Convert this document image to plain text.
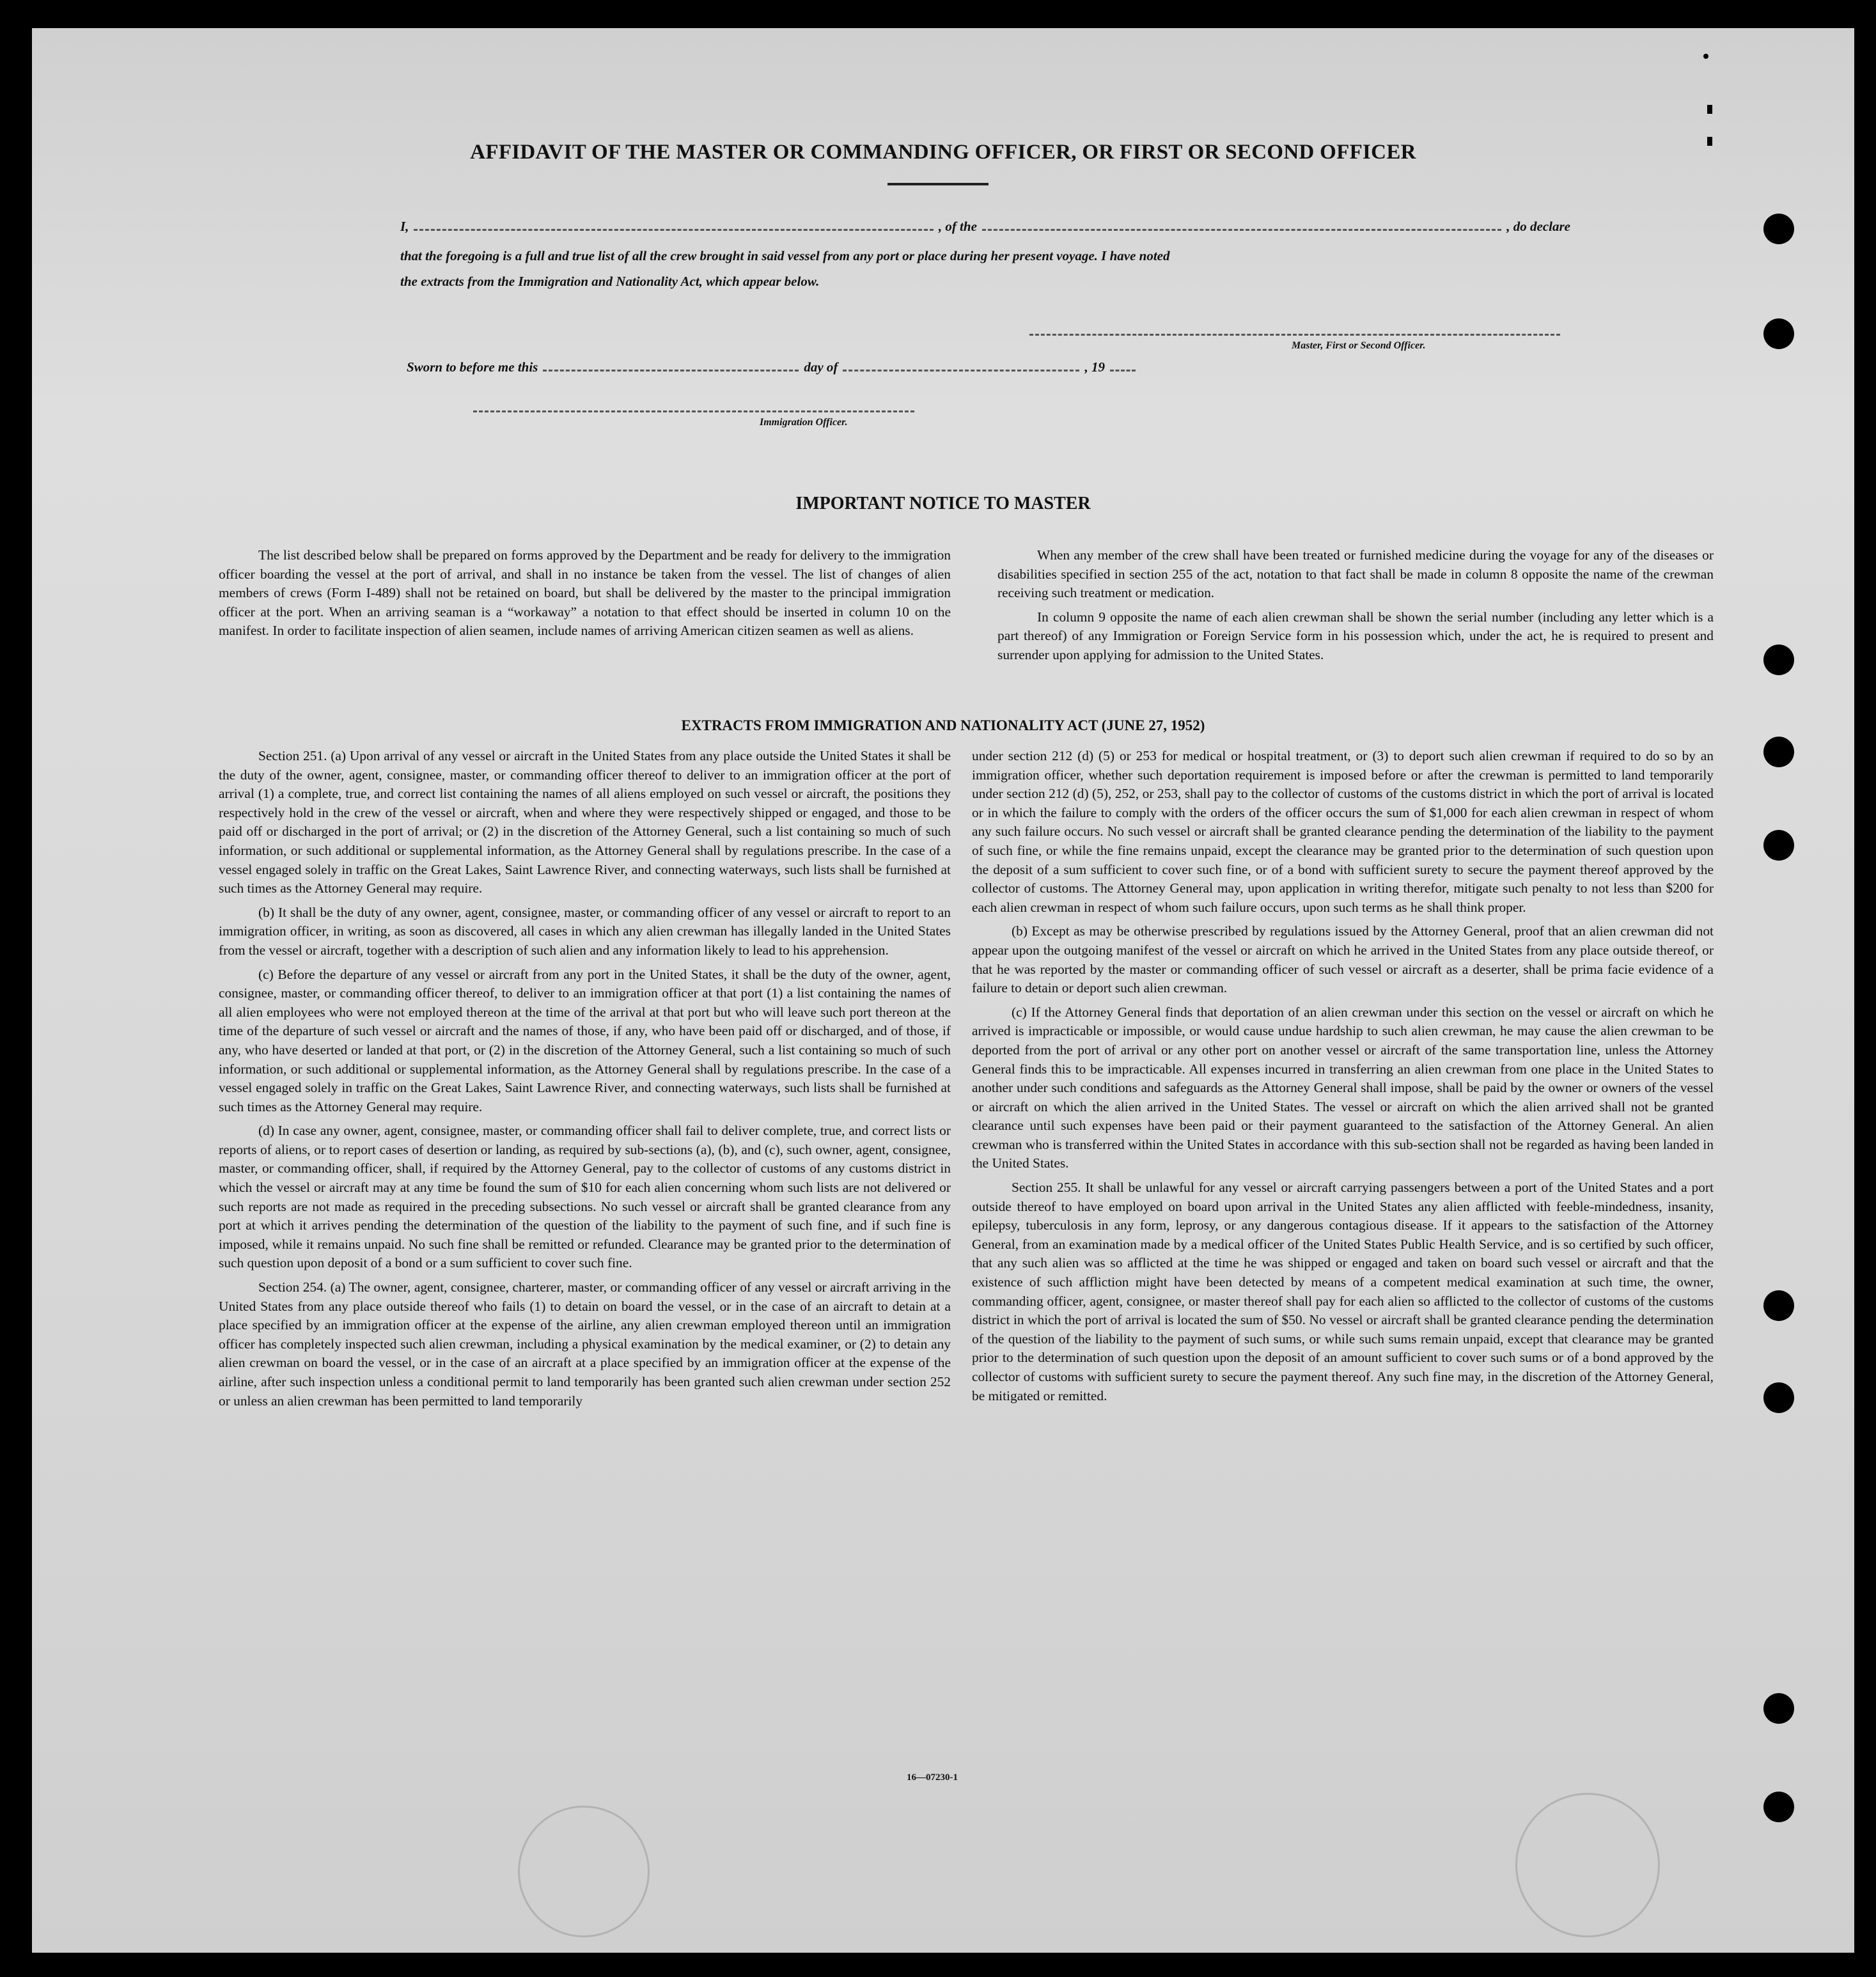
AFFIDAVIT OF THE MASTER OR COMMANDING OFFICER, OR FIRST OR SECOND OFFICER
I,	, of the	, do declare
that the foregoing is a full and true list of all the crew brought in said vessel from any port or place during her present voyage. I have noted
the extracts from the Immigration and Nationality Act, which appear below.
Master, First or Second Officer.
Sworn to before me this	day of	, 19
Immigration Officer.
IMPORTANT NOTICE TO MASTER

The list described below shall be prepared on forms approved by the Department and be ready for delivery to the immigration officer boarding the vessel at the port of arrival, and shall in no instance be taken from the vessel. The list of changes of alien members of crews (Form I-489) shall not be retained on board, but shall be delivered by the master to the principal immigration officer at the port. When an arriving seaman is a “workaway” a notation to that effect should be inserted in column 10 on the manifest. In order to facilitate inspection of alien seamen, include names of arriving American citizen seamen as well as aliens.

When any member of the crew shall have been treated or furnished medicine during the voyage for any of the diseases or disabilities specified in section 255 of the act, notation to that fact shall be made in column 8 opposite the name of the crewman receiving such treatment or medication.

In column 9 opposite the name of each alien crewman shall be shown the serial number (including any letter which is a part thereof) of any Immigration or Foreign Service form in his possession which, under the act, he is required to present and surrender upon applying for admission to the United States.

EXTRACTS FROM IMMIGRATION AND NATIONALITY ACT (JUNE 27, 1952)

Section 251. (a) Upon arrival of any vessel or aircraft in the United States from any place outside the United States it shall be the duty of the owner, agent, consignee, master, or commanding officer thereof to deliver to an immigration officer at the port of arrival (1) a complete, true, and correct list containing the names of all aliens employed on such vessel or aircraft, the positions they respectively hold in the crew of the vessel or aircraft, when and where they were respectively shipped or engaged, and those to be paid off or discharged in the port of arrival; or (2) in the discretion of the Attorney General, such a list containing so much of such information, or such additional or supplemental information, as the Attorney General shall by regulations prescribe. In the case of a vessel engaged solely in traffic on the Great Lakes, Saint Lawrence River, and connecting waterways, such lists shall be furnished at such times as the Attorney General may require.

(b) It shall be the duty of any owner, agent, consignee, master, or commanding officer of any vessel or aircraft to report to an immigration officer, in writing, as soon as discovered, all cases in which any alien crewman has illegally landed in the United States from the vessel or aircraft, together with a description of such alien and any information likely to lead to his apprehension.

(c) Before the departure of any vessel or aircraft from any port in the United States, it shall be the duty of the owner, agent, consignee, master, or commanding officer thereof, to deliver to an immigration officer at that port (1) a list containing the names of all alien employees who were not employed thereon at the time of the arrival at that port but who will leave such port thereon at the time of the departure of such vessel or aircraft and the names of those, if any, who have been paid off or discharged, and of those, if any, who have deserted or landed at that port, or (2) in the discretion of the Attorney General, such a list containing so much of such information, or such additional or supplemental information, as the Attorney General shall by regulations prescribe. In the case of a vessel engaged solely in traffic on the Great Lakes, Saint Lawrence River, and connecting waterways, such lists shall be furnished at such times as the Attorney General may require.

(d) In case any owner, agent, consignee, master, or commanding officer shall fail to deliver complete, true, and correct lists or reports of aliens, or to report cases of desertion or landing, as required by sub-sections (a), (b), and (c), such owner, agent, consignee, master, or commanding officer, shall, if required by the Attorney General, pay to the collector of customs of any customs district in which the vessel or aircraft may at any time be found the sum of $10 for each alien concerning whom such lists are not delivered or such reports are not made as required in the preceding subsections. No such vessel or aircraft shall be granted clearance from any port at which it arrives pending the determination of the question of the liability to the payment of such fine, and if such fine is imposed, while it remains unpaid. No such fine shall be remitted or refunded. Clearance may be granted prior to the determination of such question upon deposit of a bond or a sum sufficient to cover such fine.

Section 254. (a) The owner, agent, consignee, charterer, master, or commanding officer of any vessel or aircraft arriving in the United States from any place outside thereof who fails (1) to detain on board the vessel, or in the case of an aircraft to detain at a place specified by an immigration officer at the expense of the airline, any alien crewman employed thereon until an immigration officer has completely inspected such alien crewman, including a physical examination by the medical examiner, or (2) to detain any alien crewman on board the vessel, or in the case of an aircraft at a place specified by an immigration officer at the expense of the airline, after such inspection unless a conditional permit to land temporarily has been granted such alien crewman under section 252 or unless an alien crewman has been permitted to land temporarily

under section 212 (d) (5) or 253 for medical or hospital treatment, or (3) to deport such alien crewman if required to do so by an immigration officer, whether such deportation requirement is imposed before or after the crewman is permitted to land temporarily under section 212 (d) (5), 252, or 253, shall pay to the collector of customs of the customs district in which the port of arrival is located or in which the failure to comply with the orders of the officer occurs the sum of $1,000 for each alien crewman in respect of whom any such failure occurs. No such vessel or aircraft shall be granted clearance pending the determination of the liability to the payment of such fine, or while the fine remains unpaid, except the clearance may be granted prior to the determination of such question upon the deposit of a sum sufficient to cover such fine, or of a bond with sufficient surety to secure the payment thereof approved by the collector of customs. The Attorney General may, upon application in writing therefor, mitigate such penalty to not less than $200 for each alien crewman in respect of whom such failure occurs, upon such terms as he shall think proper.

(b) Except as may be otherwise prescribed by regulations issued by the Attorney General, proof that an alien crewman did not appear upon the outgoing manifest of the vessel or aircraft on which he arrived in the United States from any place outside thereof, or that he was reported by the master or commanding officer of such vessel or aircraft as a deserter, shall be prima facie evidence of a failure to detain or deport such alien crewman.

(c) If the Attorney General finds that deportation of an alien crewman under this section on the vessel or aircraft on which he arrived is impracticable or impossible, or would cause undue hardship to such alien crewman, he may cause the alien crewman to be deported from the port of arrival or any other port on another vessel or aircraft of the same transportation line, unless the Attorney General finds this to be impracticable. All expenses incurred in transferring an alien crewman from one place in the United States to another under such conditions and safeguards as the Attorney General shall impose, shall be paid by the owner or owners of the vessel or aircraft on which the alien arrived in the United States. The vessel or aircraft on which the alien arrived shall not be granted clearance until such expenses have been paid or their payment guaranteed to the satisfaction of the Attorney General. An alien crewman who is transferred within the United States in accordance with this sub-section shall not be regarded as having been landed in the United States.

Section 255. It shall be unlawful for any vessel or aircraft carrying passengers between a port of the United States and a port outside thereof to have employed on board upon arrival in the United States any alien afflicted with feeble-mindedness, insanity, epilepsy, tuberculosis in any form, leprosy, or any dangerous contagious disease. If it appears to the satisfaction of the Attorney General, from an examination made by a medical officer of the United States Public Health Service, and is so certified by such officer, that any such alien was so afflicted at the time he was shipped or engaged and taken on board such vessel or aircraft and that the existence of such affliction might have been detected by means of a competent medical examination at such time, the owner, commanding officer, agent, consignee, or master thereof shall pay for each alien so afflicted to the collector of customs of the customs district in which the port of arrival is located the sum of $50. No vessel or aircraft shall be granted clearance pending the determination of the question of the liability to the payment of such sums, or while such sums remain unpaid, except that clearance may be granted prior to the determination of such question upon the deposit of an amount sufficient to cover such sums or of a bond approved by the collector of customs with sufficient surety to secure the payment thereof. Any such fine may, in the discretion of the Attorney General, be mitigated or remitted.

16—07230-1
